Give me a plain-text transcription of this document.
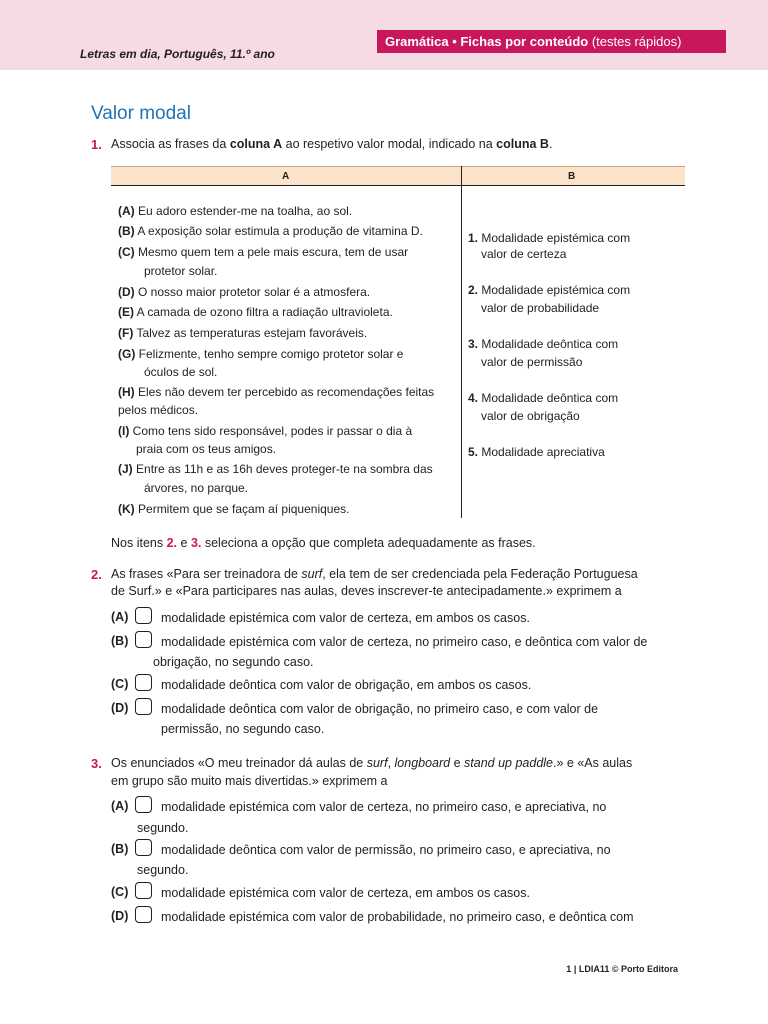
Letras em dia, Português, 11.º ano
Gramática • Fichas por conteúdo (testes rápidos)
Valor modal
1. Associa as frases da coluna A ao respetivo valor modal, indicado na coluna B.
A	B
(A) Eu adoro estender-me na toalha, ao sol.
(B) A exposição solar estimula a produção de vitamina D.
(C) Mesmo quem tem a pele mais escura, tem de usar
protetor solar.
(D) O nosso maior protetor solar é a atmosfera.
(E) A camada de ozono filtra a radiação ultravioleta.
(F) Talvez as temperaturas estejam favoráveis.
(G) Felizmente, tenho sempre comigo protetor solar e
óculos de sol.
(H) Eles não devem ter percebido as recomendações feitas
pelos médicos.
(I) Como tens sido responsável, podes ir passar o dia à
praia com os teus amigos.
(J) Entre as 11h e as 16h deves proteger-te na sombra das
árvores, no parque.
(K) Permitem que se façam aí piqueniques.
1. Modalidade epistémica com
valor de certeza
2. Modalidade epistémica com
valor de probabilidade
3. Modalidade deôntica com
valor de permissão
4. Modalidade deôntica com
valor de obrigação
5. Modalidade apreciativa
Nos itens 2. e 3. seleciona a opção que completa adequadamente as frases.
2. As frases «Para ser treinadora de surf, ela tem de ser credenciada pela Federação Portuguesa
de Surf.» e «Para participares nas aulas, deves inscrever-te antecipadamente.» exprimem a
(A)	modalidade epistémica com valor de certeza, em ambos os casos.
(B)	modalidade epistémica com valor de certeza, no primeiro caso, e deôntica com valor de
obrigação, no segundo caso.
(C)	modalidade deôntica com valor de obrigação, em ambos os casos.
(D)	modalidade deôntica com valor de obrigação, no primeiro caso, e com valor de
permissão, no segundo caso.
3. Os enunciados «O meu treinador dá aulas de surf, longboard e stand up paddle.» e «As aulas
em grupo são muito mais divertidas.» exprimem a
(A)	modalidade epistémica com valor de certeza, no primeiro caso, e apreciativa, no
segundo.
(B)	modalidade deôntica com valor de permissão, no primeiro caso, e apreciativa, no
segundo.
(C)	modalidade epistémica com valor de certeza, em ambos os casos.
(D)	modalidade epistémica com valor de probabilidade, no primeiro caso, e deôntica com
1 | LDIA11 © Porto Editora
